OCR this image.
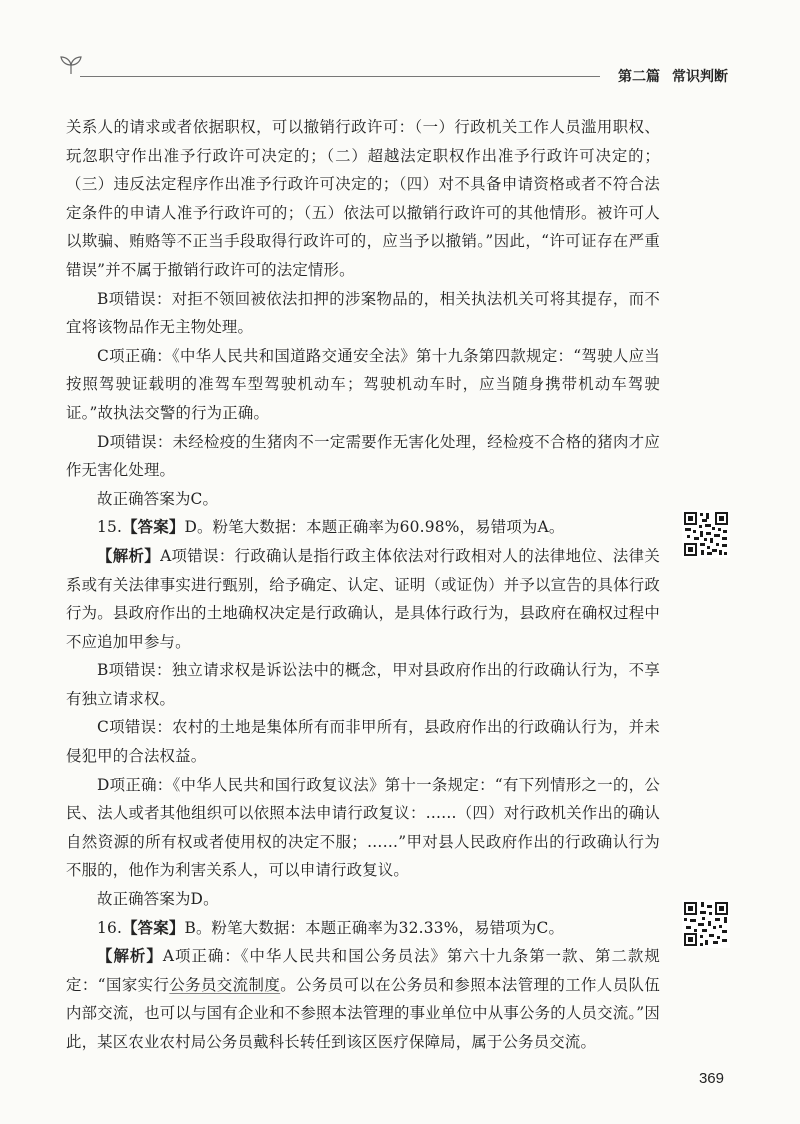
第二篇 常识判断

关系人的请求或者依据职权，可以撤销行政许可：（一）行政机关工作人员滥用职权、玩忽职守作出准予行政许可决定的；（二）超越法定职权作出准予行政许可决定的；（三）违反法定程序作出准予行政许可决定的；（四）对不具备申请资格或者不符合法定条件的申请人准予行政许可的；（五）依法可以撤销行政许可的其他情形。被许可人以欺骗、贿赂等不正当手段取得行政许可的，应当予以撤销。”因此，“许可证存在严重错误”并不属于撤销行政许可的法定情形。

B项错误：对拒不领回被依法扣押的涉案物品的，相关执法机关可将其提存，而不宜将该物品作无主物处理。

C项正确：《中华人民共和国道路交通安全法》第十九条第四款规定：“驾驶人应当按照驾驶证载明的准驾车型驾驶机动车；驾驶机动车时，应当随身携带机动车驾驶证。”故执法交警的行为正确。

D项错误：未经检疫的生猪肉不一定需要作无害化处理，经检疫不合格的猪肉才应作无害化处理。

故正确答案为C。

15.【答案】D。粉笔大数据：本题正确率为60.98%，易错项为A。

【解析】A项错误：行政确认是指行政主体依法对行政相对人的法律地位、法律关系或有关法律事实进行甄别，给予确定、认定、证明（或证伪）并予以宣告的具体行政行为。县政府作出的土地确权决定是行政确认，是具体行政行为，县政府在确权过程中不应追加甲参与。

B项错误：独立请求权是诉讼法中的概念，甲对县政府作出的行政确认行为，不享有独立请求权。

C项错误：农村的土地是集体所有而非甲所有，县政府作出的行政确认行为，并未侵犯甲的合法权益。

D项正确：《中华人民共和国行政复议法》第十一条规定：“有下列情形之一的，公民、法人或者其他组织可以依照本法申请行政复议：……（四）对行政机关作出的确认自然资源的所有权或者使用权的决定不服；……”甲对县人民政府作出的行政确认行为不服的，他作为利害关系人，可以申请行政复议。

故正确答案为D。

16.【答案】B。粉笔大数据：本题正确率为32.33%，易错项为C。

【解析】A项正确：《中华人民共和国公务员法》第六十九条第一款、第二款规定：“国家实行公务员交流制度。公务员可以在公务员和参照本法管理的工作人员队伍内部交流，也可以与国有企业和不参照本法管理的事业单位中从事公务的人员交流。”因此，某区农业农村局公务员戴科长转任到该区医疗保障局，属于公务员交流。

369
